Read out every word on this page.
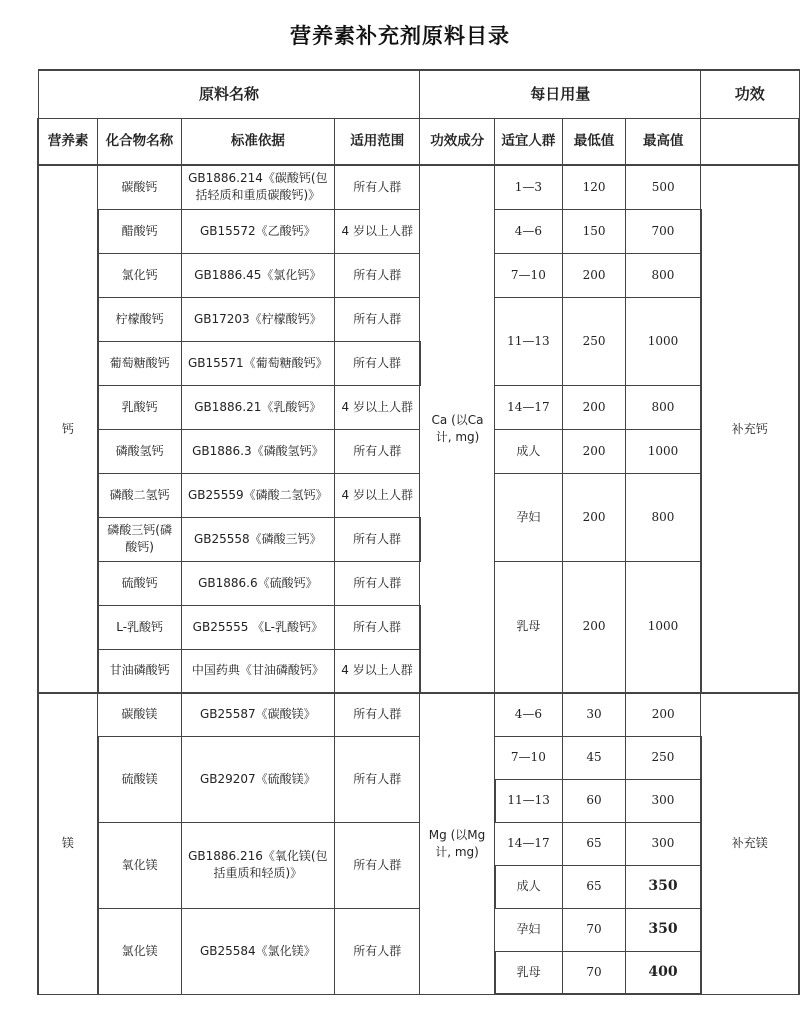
营养素补充剂原料目录
原料名称				每日用量				功效
营养素	化合物名称	标准依据	适用范围	功效成分	适宜人群	最低值	最高值	
钙	碳酸钙	GB1886.214《碳酸钙(包括轻质和重质碳酸钙)》	所有人群	Ca (以Ca计, mg)	1—3	120	500	补充钙
	醋酸钙	GB15572《乙酸钙》	4 岁以上人群		4—6	150	700	
	氯化钙	GB1886.45《氯化钙》	所有人群		7—10	200	800	
	柠檬酸钙	GB17203《柠檬酸钙》	所有人群		11—13	250	1000	
	葡萄糖酸钙	GB15571《葡萄糖酸钙》	所有人群					
	乳酸钙	GB1886.21《乳酸钙》	4 岁以上人群		14—17	200	800	
	磷酸氢钙	GB1886.3《磷酸氢钙》	所有人群		成人	200	1000	
	磷酸二氢钙	GB25559《磷酸二氢钙》	4 岁以上人群		孕妇	200	800	
	磷酸三钙(磷酸钙)	GB25558《磷酸三钙》	所有人群					
	硫酸钙	GB1886.6《硫酸钙》	所有人群		乳母	200	1000	
	L-乳酸钙	GB25555 《L-乳酸钙》	所有人群					
	甘油磷酸钙	中国药典《甘油磷酸钙》	4 岁以上人群					
镁	碳酸镁	GB25587《碳酸镁》	所有人群	Mg (以Mg计, mg)	4—6	30	200	补充镁
	硫酸镁	GB29207《硫酸镁》	所有人群		7—10	45	250	
					11—13	60	300	
	氧化镁	GB1886.216《氧化镁(包括重质和轻质)》	所有人群		14—17	65	300	
					成人	65	350	
	氯化镁	GB25584《氯化镁》	所有人群		孕妇	70	350	
					乳母	70	400	
